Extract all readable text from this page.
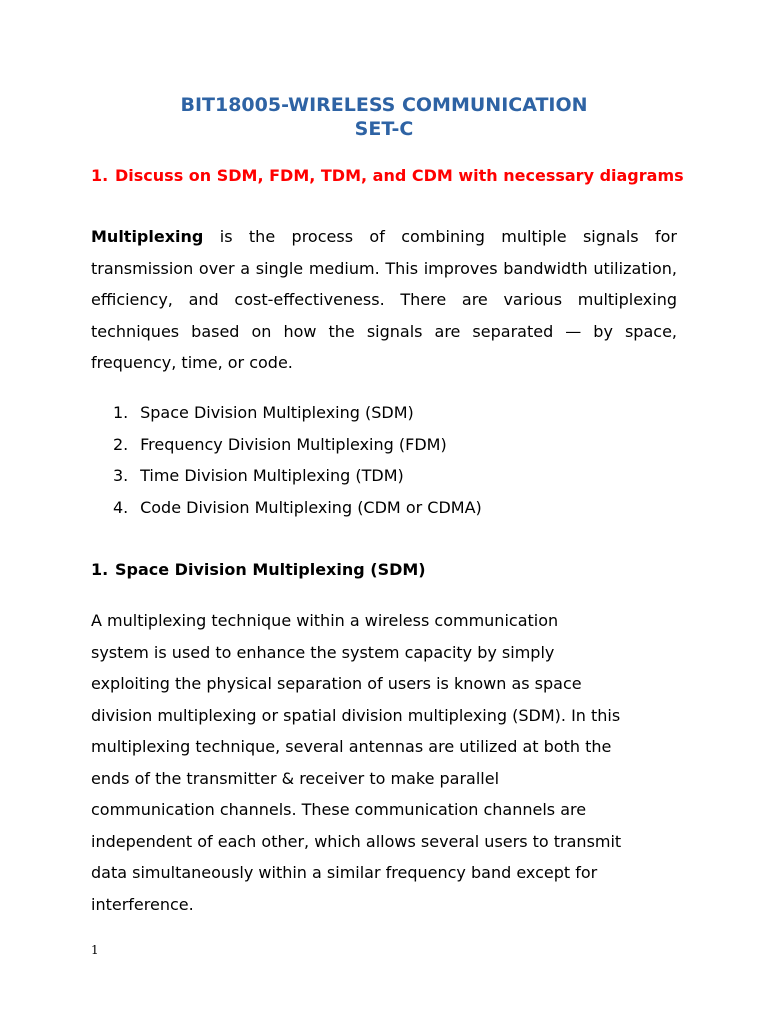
BIT18005-WIRELESS COMMUNICATION
SET-C

1. Discuss on SDM, FDM, TDM, and CDM with necessary diagrams

Multiplexing is the process of combining multiple signals for transmission over a single medium. This improves bandwidth utilization, efficiency, and cost-effectiveness. There are various multiplexing techniques based on how the signals are separated — by space, frequency, time, or code.

1. Space Division Multiplexing (SDM)
2. Frequency Division Multiplexing (FDM)
3. Time Division Multiplexing (TDM)
4. Code Division Multiplexing (CDM or CDMA)
1. Space Division Multiplexing (SDM)

A multiplexing technique within a wireless communication
system is used to enhance the system capacity by simply
exploiting the physical separation of users is known as space
division multiplexing or spatial division multiplexing (SDM). In this
multiplexing technique, several antennas are utilized at both the
ends of the transmitter & receiver to make parallel
communication channels. These communication channels are
independent of each other, which allows several users to transmit
data simultaneously within a similar frequency band except for
interference.

1
